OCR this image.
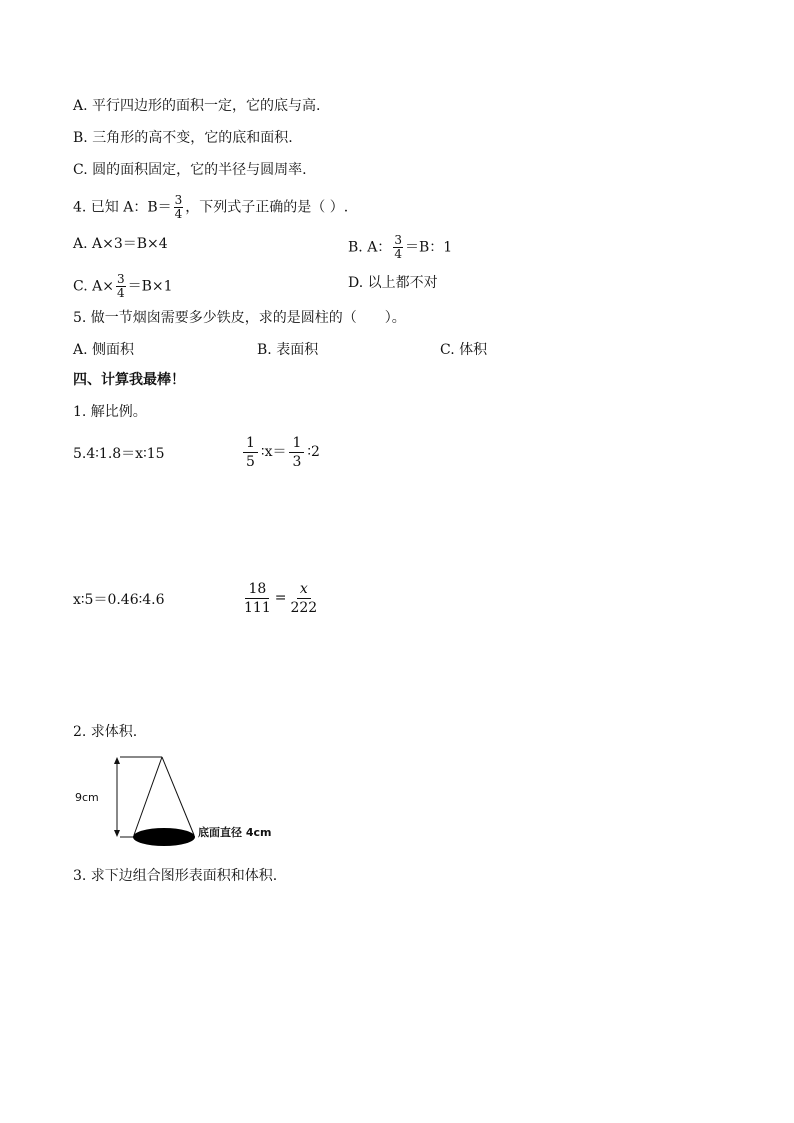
A. 平行四边形的面积一定，它的底与高.
B. 三角形的高不变，它的底和面积.
C. 圆的面积固定，它的半径与圆周率.
4. 已知 A：$B= \frac{3}{4}$ ，下列式子正确的是（ ）.
A. A×3＝B×4	B. A： $\frac{3}{4} =B$：1
C. $A\times \frac{3}{4} =B\times 1$	D. 以上都不对
5. 做一节烟囱需要多少铁皮，求的是圆柱的（　　）。
A. 侧面积	B. 表面积	C. 体积
四、计算我最棒！
1. 解比例。
5.4∶1.8＝x∶15	$\frac{1}{5}$ ∶x＝ $\frac{1}{3}$ ∶2
x∶5＝0.46∶4.6	$\frac{18}{111} = \frac{x}{222}$
2. 求体积.
9cm
底面直径 4cm
3. 求下边组合图形表面积和体积.
